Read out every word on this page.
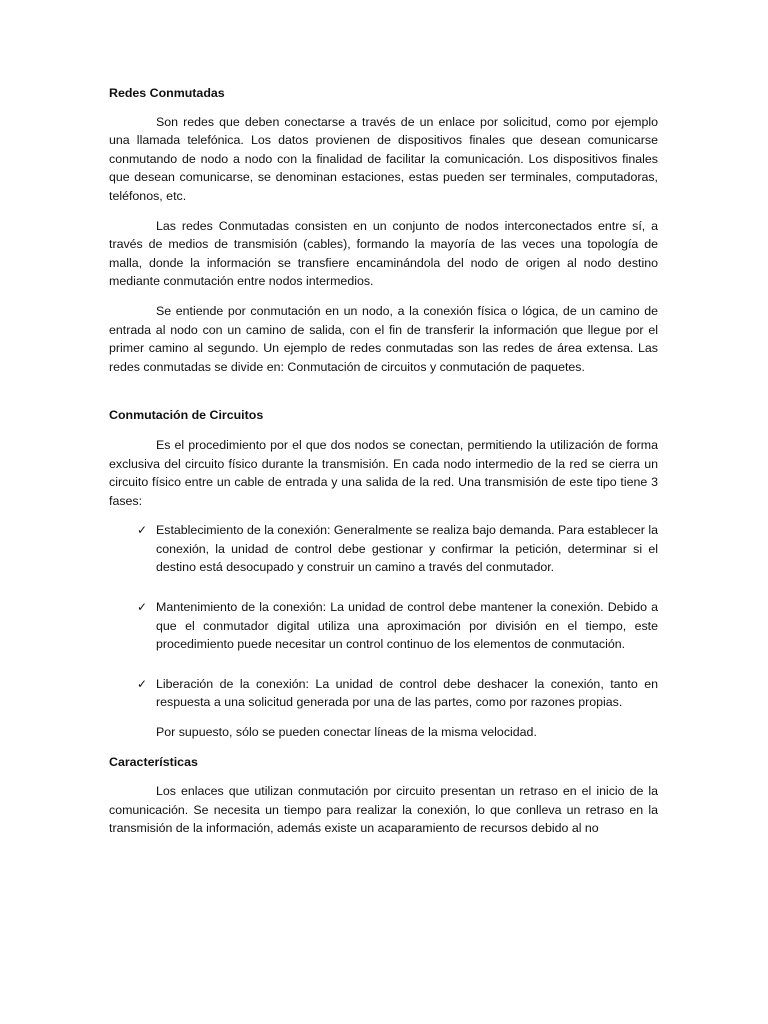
Redes Conmutadas

Son redes que deben conectarse a través de un enlace por solicitud, como por ejemplo una llamada telefónica. Los datos provienen de dispositivos finales que desean comunicarse conmutando de nodo a nodo con la finalidad de facilitar la comunicación. Los dispositivos finales que desean comunicarse, se denominan estaciones, estas pueden ser terminales, computadoras, teléfonos, etc.

Las redes Conmutadas consisten en un conjunto de nodos interconectados entre sí, a través de medios de transmisión (cables), formando la mayoría de las veces una topología de malla, donde la información se transfiere encaminándola del nodo de origen al nodo destino mediante conmutación entre nodos intermedios.

Se entiende por conmutación en un nodo, a la conexión física o lógica, de un camino de entrada al nodo con un camino de salida, con el fin de transferir la información que llegue por el primer camino al segundo. Un ejemplo de redes conmutadas son las redes de área extensa. Las redes conmutadas se divide en: Conmutación de circuitos y conmutación de paquetes.

Conmutación de Circuitos

Es el procedimiento por el que dos nodos se conectan, permitiendo la utilización de forma exclusiva del circuito físico durante la transmisión. En cada nodo intermedio de la red se cierra un circuito físico entre un cable de entrada y una salida de la red. Una transmisión de este tipo tiene 3 fases:

✓ Establecimiento de la conexión: Generalmente se realiza bajo demanda. Para establecer la conexión, la unidad de control debe gestionar y confirmar la petición, determinar si el destino está desocupado y construir un camino a través del conmutador.
✓ Mantenimiento de la conexión: La unidad de control debe mantener la conexión. Debido a que el conmutador digital utiliza una aproximación por división en el tiempo, este procedimiento puede necesitar un control continuo de los elementos de conmutación.
✓ Liberación de la conexión: La unidad de control debe deshacer la conexión, tanto en respuesta a una solicitud generada por una de las partes, como por razones propias.

Por supuesto, sólo se pueden conectar líneas de la misma velocidad.

Características

Los enlaces que utilizan conmutación por circuito presentan un retraso en el inicio de la comunicación. Se necesita un tiempo para realizar la conexión, lo que conlleva un retraso en la transmisión de la información, además existe un acaparamiento de recursos debido al no
